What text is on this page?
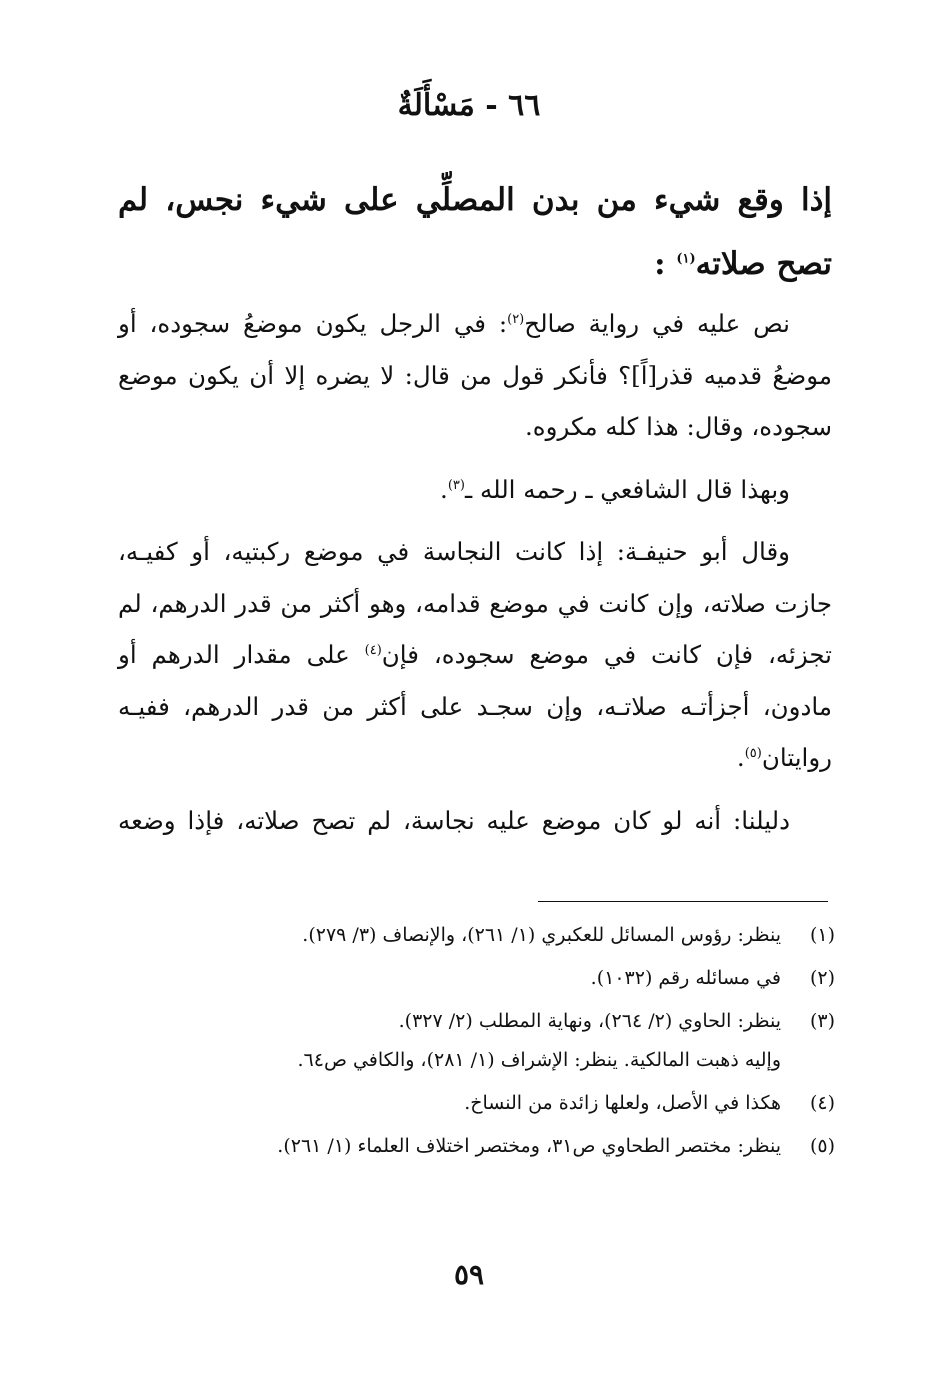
٦٦ - مَسْأَلَةٌ
إذا وقع شيء من بدن المصلِّي على شيء نجس، لم تصح صلاته$^{(١)}$ :

نص عليه في رواية صالح$^{(٢)}$: في الرجل يكون موضعُ سجوده، أو موضعُ قدميه قذر[اً]؟ فأنكر قول من قال: لا يضره إلا أن يكون موضع سجوده، وقال: هذا كله مكروه.

وبهذا قال الشافعي ـ رحمه الله ـ$^{(٣)}$.

وقال أبو حنيفـة: إذا كانت النجاسة في موضع ركبتيه، أو كفيـه، جازت صلاته، وإن كانت في موضع قدامه، وهو أكثر من قدر الدرهم، لم تجزئه، فإن كانت في موضع سجوده، فإن$^{(٤)}$ على مقدار الدرهم أو مادون، أجزأتـه صلاتـه، وإن سجـد على أكثر من قدر الدرهم، ففيـه روايتان$^{(٥)}$.

دليلنا: أنه لو كان موضع عليه نجاسة، لم تصح صلاته، فإذا وضعه

(١)
ينظر: رؤوس المسائل للعكبري (١/ ٢٦١)، والإنصاف (٣/ ٢٧٩).
(٢)
في مسائله رقم (١٠٣٢).
(٣)
ينظر: الحاوي (٢/ ٢٦٤)، ونهاية المطلب (٢/ ٣٢٧).
وإليه ذهبت المالكية. ينظر: الإشراف (١/ ٢٨١)، والكافي ص٦٤.
(٤)
هكذا في الأصل، ولعلها زائدة من النساخ.
(٥)
ينظر: مختصر الطحاوي ص٣١، ومختصر اختلاف العلماء (١/ ٢٦١).
٥٩
